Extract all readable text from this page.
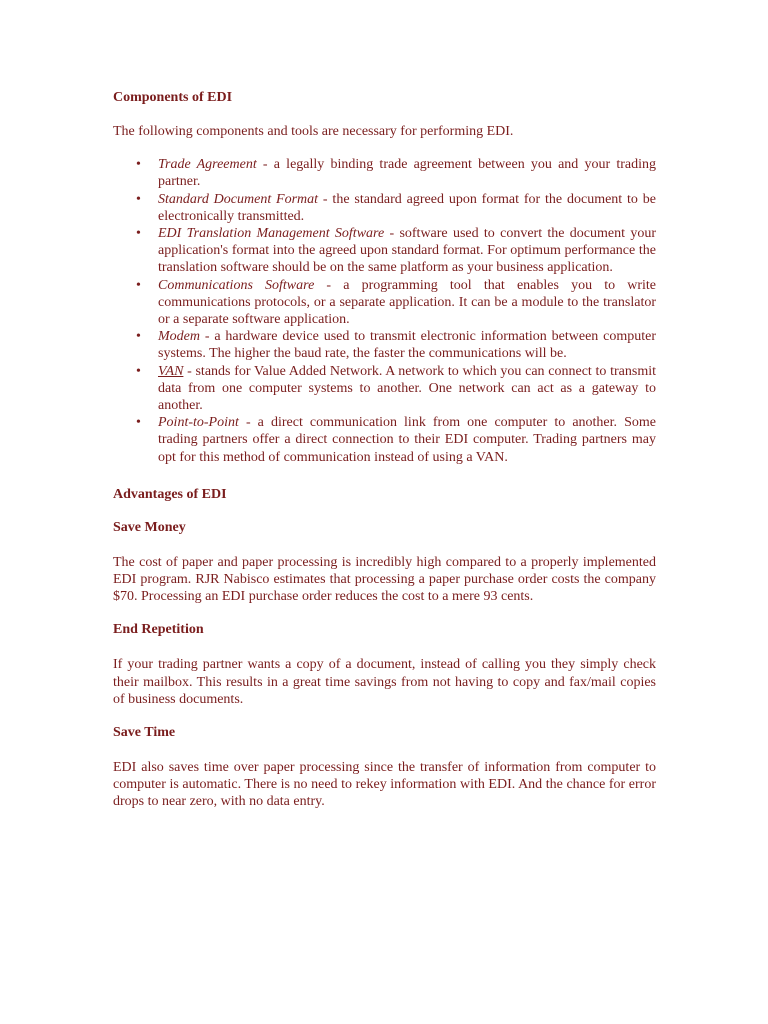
Components of EDI

The following components and tools are necessary for performing EDI.

• Trade Agreement - a legally binding trade agreement between you and your trading partner.
• Standard Document Format - the standard agreed upon format for the document to be electronically transmitted.
• EDI Translation Management Software - software used to convert the document your application's format into the agreed upon standard format. For optimum performance the translation software should be on the same platform as your business application.
• Communications Software - a programming tool that enables you to write communications protocols, or a separate application. It can be a module to the translator or a separate software application.
• Modem - a hardware device used to transmit electronic information between computer systems. The higher the baud rate, the faster the communications will be.
• VAN - stands for Value Added Network. A network to which you can connect to transmit data from one computer systems to another. One network can act as a gateway to another.
• Point-to-Point - a direct communication link from one computer to another. Some trading partners offer a direct connection to their EDI computer. Trading partners may opt for this method of communication instead of using a VAN.
Advantages of EDI
Save Money

The cost of paper and paper processing is incredibly high compared to a properly implemented EDI program. RJR Nabisco estimates that processing a paper purchase order costs the company $70. Processing an EDI purchase order reduces the cost to a mere 93 cents.

End Repetition

If your trading partner wants a copy of a document, instead of calling you they simply check their mailbox. This results in a great time savings from not having to copy and fax/mail copies of business documents.

Save Time

EDI also saves time over paper processing since the transfer of information from computer to computer is automatic. There is no need to rekey information with EDI. And the chance for error drops to near zero, with no data entry.
